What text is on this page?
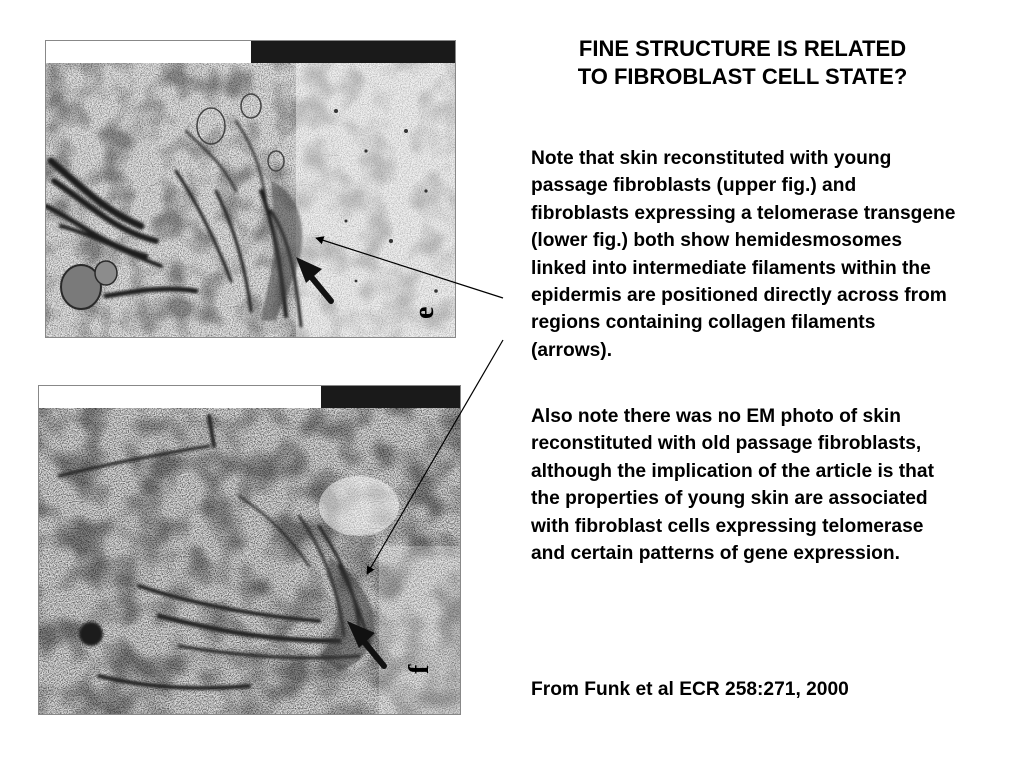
FINE STRUCTURE IS RELATED
TO FIBROBLAST CELL STATE?

Note that skin reconstituted with young passage fibroblasts (upper fig.) and fibroblasts expressing a telomerase transgene (lower fig.) both show hemidesmosomes linked into intermediate filaments within the epidermis are positioned directly across from regions containing collagen filaments (arrows).

Also note there was no EM photo of skin reconstituted with old passage fibroblasts, although the implication of the article is that the properties of young skin are associated with fibroblast cells expressing telomerase and certain patterns of gene expression.

From Funk et al ECR 258:271, 2000

e
f
